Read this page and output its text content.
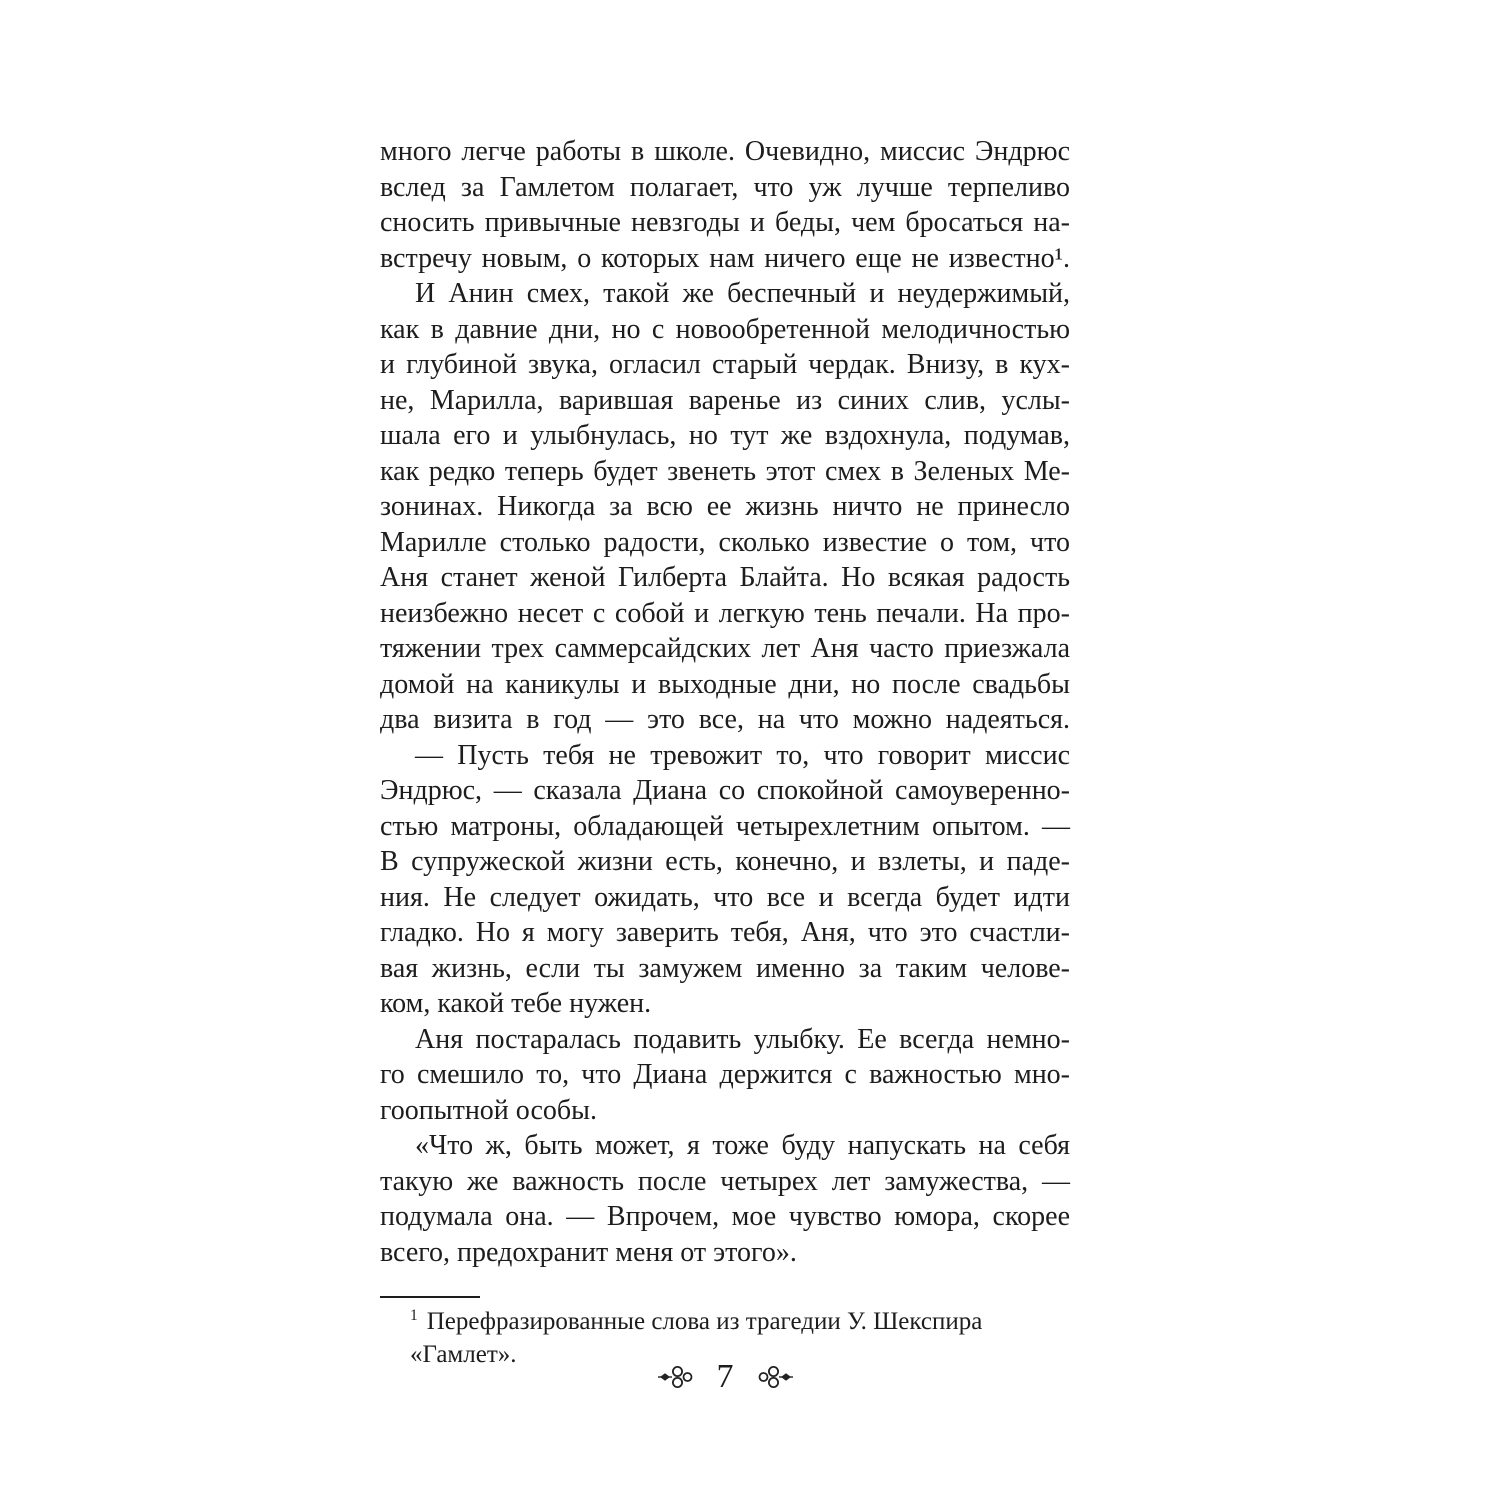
много легче работы в школе. Очевидно, миссис Эндрюс
вслед за Гамлетом полагает, что уж лучше терпеливо
сносить привычные невзгоды и беды, чем бросаться на-
встречу новым, о которых нам ничего еще не известно¹.
И Анин смех, такой же беспечный и неудержимый,
как в давние дни, но с новообретенной мелодичностью
и глубиной звука, огласил старый чердак. Внизу, в кух-
не, Марилла, варившая варенье из синих слив, услы-
шала его и улыбнулась, но тут же вздохнула, подумав,
как редко теперь будет звенеть этот смех в Зеленых Ме-
зонинах. Никогда за всю ее жизнь ничто не принесло
Марилле столько радости, сколько известие о том, что
Аня станет женой Гилберта Блайта. Но всякая радость
неизбежно несет с собой и легкую тень печали. На про-
тяжении трех саммерсайдских лет Аня часто приезжала
домой на каникулы и выходные дни, но после свадьбы
два визита в год — это все, на что можно надеяться.
— Пусть тебя не тревожит то, что говорит миссис
Эндрюс, — сказала Диана со спокойной самоуверенно-
стью матроны, обладающей четырехлетним опытом. —
В супружеской жизни есть, конечно, и взлеты, и паде-
ния. Не следует ожидать, что все и всегда будет идти
гладко. Но я могу заверить тебя, Аня, что это счастли-
вая жизнь, если ты замужем именно за таким челове-
ком, какой тебе нужен.
Аня постаралась подавить улыбку. Ее всегда немно-
го смешило то, что Диана держится с важностью мно-
гоопытной особы.
«Что ж, быть может, я тоже буду напускать на себя
такую же важность после четырех лет замужества, —
подумала она. — Впрочем, мое чувство юмора, скорее
всего, предохранит меня от этого».
$^1$ Перефразированные слова из трагедии У. Шекспира «Гамлет».
7
